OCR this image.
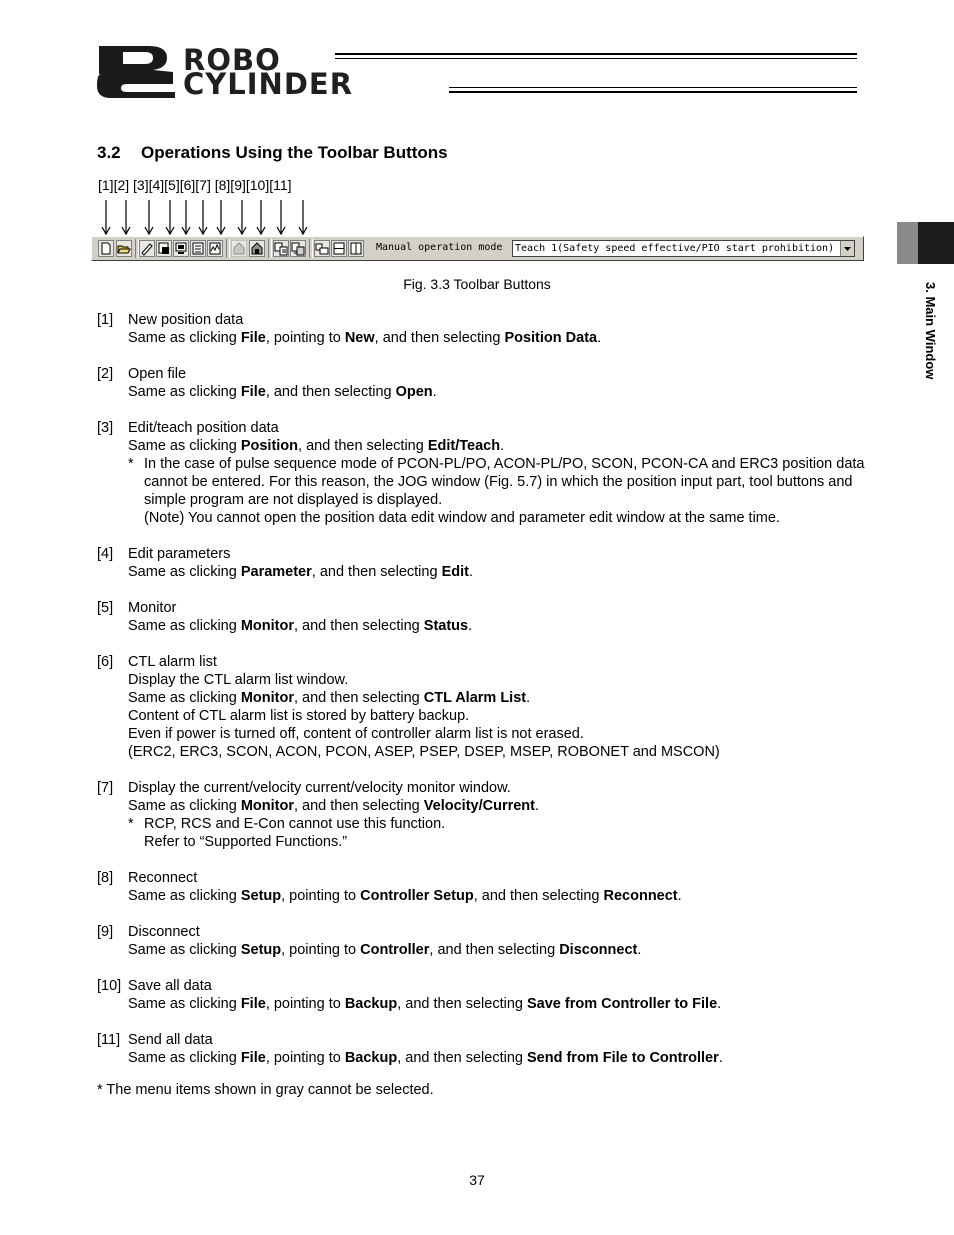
ROBO
CYLINDER
3. Main Window
3.2 Operations Using the Toolbar Buttons
[1][2] [3][4][5][6][7] [8][9][10][11]
Manual operation mode	Teach 1(Safety speed effective/PIO start prohibition)
Fig. 3.3 Toolbar Buttons
[1]	New position data
Same as clicking File, pointing to New, and then selecting Position Data.
[2]	Open file
Same as clicking File, and then selecting Open.
[3]	Edit/teach position data
Same as clicking Position, and then selecting Edit/Teach.
* In the case of pulse sequence mode of PCON-PL/PO, ACON-PL/PO, SCON, PCON-CA and ERC3 position data cannot be entered. For this reason, the JOG window (Fig. 5.7) in which the position input part, tool buttons and simple program are not displayed is displayed.
(Note) You cannot open the position data edit window and parameter edit window at the same time.
[4]	Edit parameters
Same as clicking Parameter, and then selecting Edit.
[5]	Monitor
Same as clicking Monitor, and then selecting Status.
[6]	CTL alarm list
Display the CTL alarm list window.
Same as clicking Monitor, and then selecting CTL Alarm List.
Content of CTL alarm list is stored by battery backup.
Even if power is turned off, content of controller alarm list is not erased.
(ERC2, ERC3, SCON, ACON, PCON, ASEP, PSEP, DSEP, MSEP, ROBONET and MSCON)
[7]	Display the current/velocity current/velocity monitor window.
Same as clicking Monitor, and then selecting Velocity/Current.
* RCP, RCS and E-Con cannot use this function.
Refer to “Supported Functions.”
[8]	Reconnect
Same as clicking Setup, pointing to Controller Setup, and then selecting Reconnect.
[9]	Disconnect
Same as clicking Setup, pointing to Controller, and then selecting Disconnect.
[10] Save all data
Same as clicking File, pointing to Backup, and then selecting Save from Controller to File.
[11] Send all data
Same as clicking File, pointing to Backup, and then selecting Send from File to Controller.
* The menu items shown in gray cannot be selected.
37
